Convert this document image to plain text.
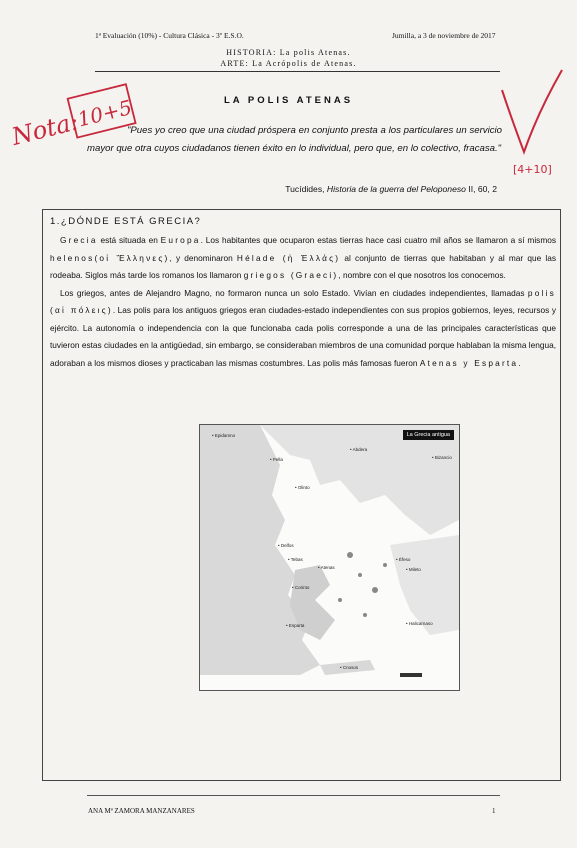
1ª Evaluación (10%) - Cultura Clásica - 3º E.S.O.	Jumilla, a 3 de noviembre de 2017
HISTORIA: La polis Atenas.
ARTE: La Acrópolis de Atenas.
Nota:
10+5	LA POLIS ATENAS
"Pues yo creo que una ciudad próspera en conjunto presta a los particulares un servicio mayor que otra cuyos ciudadanos tienen éxito en lo individual, pero que, en lo colectivo, fracasa."
Tucídides, Historia de la guerra del Peloponeso II, 60, 2
[4+10]
1.¿DÓNDE ESTÁ GRECIA?

Grecia está situada en Europa. Los habitantes que ocuparon estas tierras hace casi cuatro mil años se llamaron a sí mismos helenos(οἱ Ἕλληνες), y denominaron Hélade (ἡ Ἑλλάς) al conjunto de tierras que habitaban y al mar que las rodeaba. Siglos más tarde los romanos los llamaron griegos (Graeci), nombre con el que nosotros los conocemos.

Los griegos, antes de Alejandro Magno, no formaron nunca un solo Estado. Vivían en ciudades independientes, llamadas polis (αἱ πόλεις). Las polis para los antiguos griegos eran ciudades-estado independientes con sus propios gobiernos, leyes, recursos y ejército. La autonomía o independencia con la que funcionaba cada polis corresponde a una de las principales características que tuvieron estas ciudades en la antigüedad, sin embargo, se consideraban miembros de una comunidad porque hablaban la misma lengua, adoraban a los mismos dioses y practicaban las mismas costumbres. Las polis más famosas fueron Atenas y Esparta.

La Grecia antigua
• Epidamno
• Pella
• Abdera
• Bizancio
• Olinto
• Delfos
• Tebas
• Atenas
• Corinto
• Esparta
• Mileto
• Éfeso
• Halicarnaso
• Cnosos
ANA Mª ZAMORA MANZANARES	1
